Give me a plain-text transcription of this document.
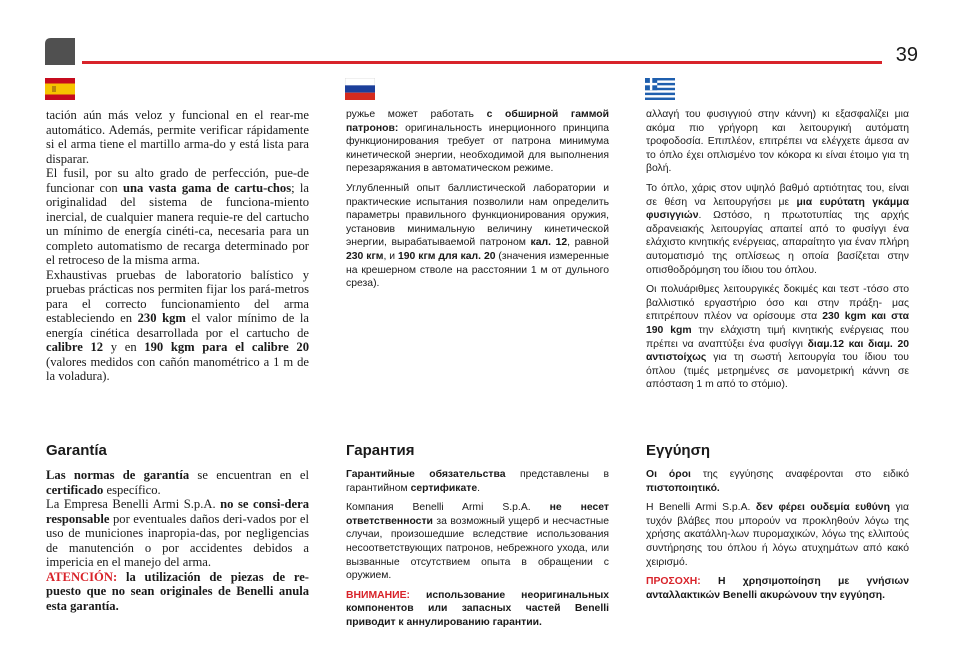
39

tación aún más veloz y funcional en el rear-me automático. Además, permite verificar rápidamente si el arma tiene el martillo arma-do y está lista para disparar.

El fusil, por su alto grado de perfección, pue-de funcionar con una vasta gama de cartu-chos; la originalidad del sistema de funciona-miento inercial, de cualquier manera requie-re del cartucho un mínimo de energía cinéti-ca, necesaria para un completo automatismo de recarga determinado por el retroceso de la misma arma.

Exhaustivas pruebas de laboratorio balístico y pruebas prácticas nos permiten fijar los pará-metros para el correcto funcionamiento del arma estableciendo en 230 kgm el valor mínimo de la energía cinética desarrollada por el cartucho de calibre 12 y en 190 kgm para el calibre 20 (valores medidos con cañón manométrico a 1 m de la voladura).

ружье может работать с обширной гаммой патронов: оригинальность инерционного принципа функционирования требует от патрона минимума кинетической энергии, необходимой для выполнения перезаряжания в автоматическом режиме.

Углубленный опыт баллистической лаборатории и практические испытания позволили нам определить параметры правильного функционирования оружия, установив минимальную величину кинетической энергии, вырабатываемой патроном кал. 12, равной 230 кгм, и 190 кгм для кал. 20 (значения измеренные на крешерном стволе на расстоянии 1 м от дульного среза).

αλλαγή του φυσιγγιού στην κάννη) κι εξασφαλίζει μια ακόμα πιο γρήγορη και λειτουργική αυτόματη τροφοδοσία. Επιπλέον, επιτρέπει να ελέγχετε άμεσα αν το όπλο έχει οπλισμένο τον κόκορα κι είναι έτοιμο για τη βολή.

Το όπλο, χάρις στον υψηλό βαθμό αρτιότητας του, είναι σε θέση να λειτουργήσει με μια ευρύτατη γκάμμα φυσιγγιών. Ωστόσο, η πρωτοτυπίας της αρχής αδρανειακής λειτουργίας απαιτεί από το φυσίγγι ένα ελάχιστο κινητικής ενέργειας, απαραίτητο για έναν πλήρη αυτοματισμό της οπλίσεως η οποία βασίζεται στην οπισθοδρόμηση του ίδιου του όπλου.

Οι πολυάριθμες λειτουργικές δοκιμές και τεστ -τόσο στο βαλλιστικό εργαστήριο όσο και στην πράξη- μας επιτρέπουν πλέον να ορίσουμε στα 230 kgm και στα 190 kgm την ελάχιστη τιμή κινητικής ενέργειας που πρέπει να αναπτύξει ένα φυσίγγι διαμ.12 και διαμ. 20 αντιστοίχως για τη σωστή λειτουργία του ίδιου του όπλου (τιμές μετρημένες σε μανομετρική κάννη σε απόσταση 1 m από το στόμιο).

Garantía

Las normas de garantía se encuentran en el certificado específico.

La Empresa Benelli Armi S.p.A. no se consi-dera responsable por eventuales daños deri-vados por el uso de municiones inapropia-das, por negligencias de manutención o por accidentes debidos a impericia en el manejo del arma.

ATENCIÓN: la utilización de piezas de re-puesto que no sean originales de Benelli anula esta garantía.

Гарантия

Гарантийные обязательства представлены в гарантийном сертификате.

Компания Benelli Armi S.p.A. не несет ответственности за возможный ущерб и несчастные случаи, произошедшие вследствие использования несоответствующих патронов, небрежного ухода, или вызванные отсутствием опыта в обращении с оружием.

ВНИМАНИЕ: использование неоригинальных компонентов или запасных частей Benelli приводит к аннулированию гарантии.

Εγγύηση

Οι όροι της εγγύησης αναφέρονται στο ειδικό πιστοποιητικό.

Η Benelli Armi S.p.A. δεν φέρει ουδεμία ευθύνη για τυχόν βλάβες που μπορούν να προκληθούν λόγω της χρήσης ακατάλλη-λων πυρομαχικών, λόγω της ελλιπούς συντήρησης του όπλου ή λόγω ατυχημάτων από κακό χειρισμό.

ΠΡΟΣΟΧΗ: Η χρησιμοποίηση με γνήσιων ανταλλακτικών Benelli ακυρώνουν την εγγύηση.
